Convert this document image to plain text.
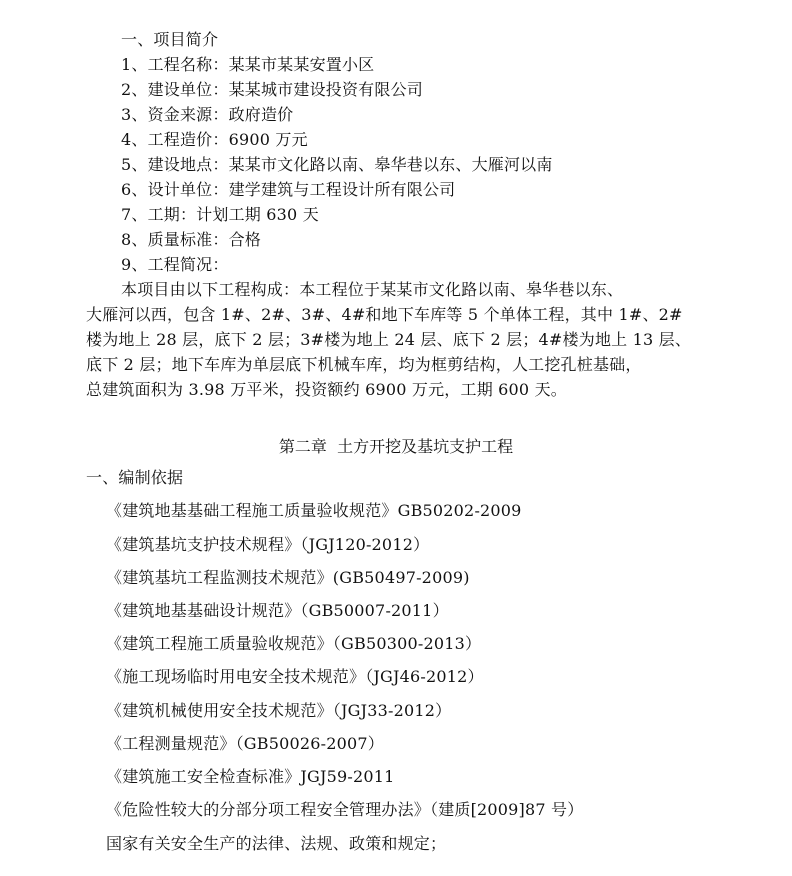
一、项目简介
1、工程名称：某某市某某安置小区
2、建设单位：某某城市建设投资有限公司
3、资金来源：政府造价
4、工程造价：6900 万元
5、建设地点：某某市文化路以南、皋华巷以东、大雁河以南
6、设计单位：建学建筑与工程设计所有限公司
7、工期：计划工期 630 天
8、质量标准：合格
9、工程简况：
本项目由以下工程构成：本工程位于某某市文化路以南、皋华巷以东、
大雁河以西，包含 1#、2#、3#、4#和地下车库等 5 个单体工程，其中 1#、2#
楼为地上 28 层，底下 2 层；3#楼为地上 24 层、底下 2 层；4#楼为地上 13 层、
底下 2 层；地下车库为单层底下机械车库，均为框剪结构，人工挖孔桩基础，
总建筑面积为 3.98 万平米，投资额约 6900 万元，工期 600 天。
第二章  土方开挖及基坑支护工程
一、编制依据
《建筑地基基础工程施工质量验收规范》GB50202-2009
《建筑基坑支护技术规程》（JGJ120-2012）
《建筑基坑工程监测技术规范》(GB50497-2009)
《建筑地基基础设计规范》（GB50007-2011）
《建筑工程施工质量验收规范》（GB50300-2013）
《施工现场临时用电安全技术规范》（JGJ46-2012）
《建筑机械使用安全技术规范》（JGJ33-2012）
《工程测量规范》（GB50026-2007）
《建筑施工安全检查标准》JGJ59-2011
《危险性较大的分部分项工程安全管理办法》（建质[2009]87 号）
国家有关安全生产的法律、法规、政策和规定；
